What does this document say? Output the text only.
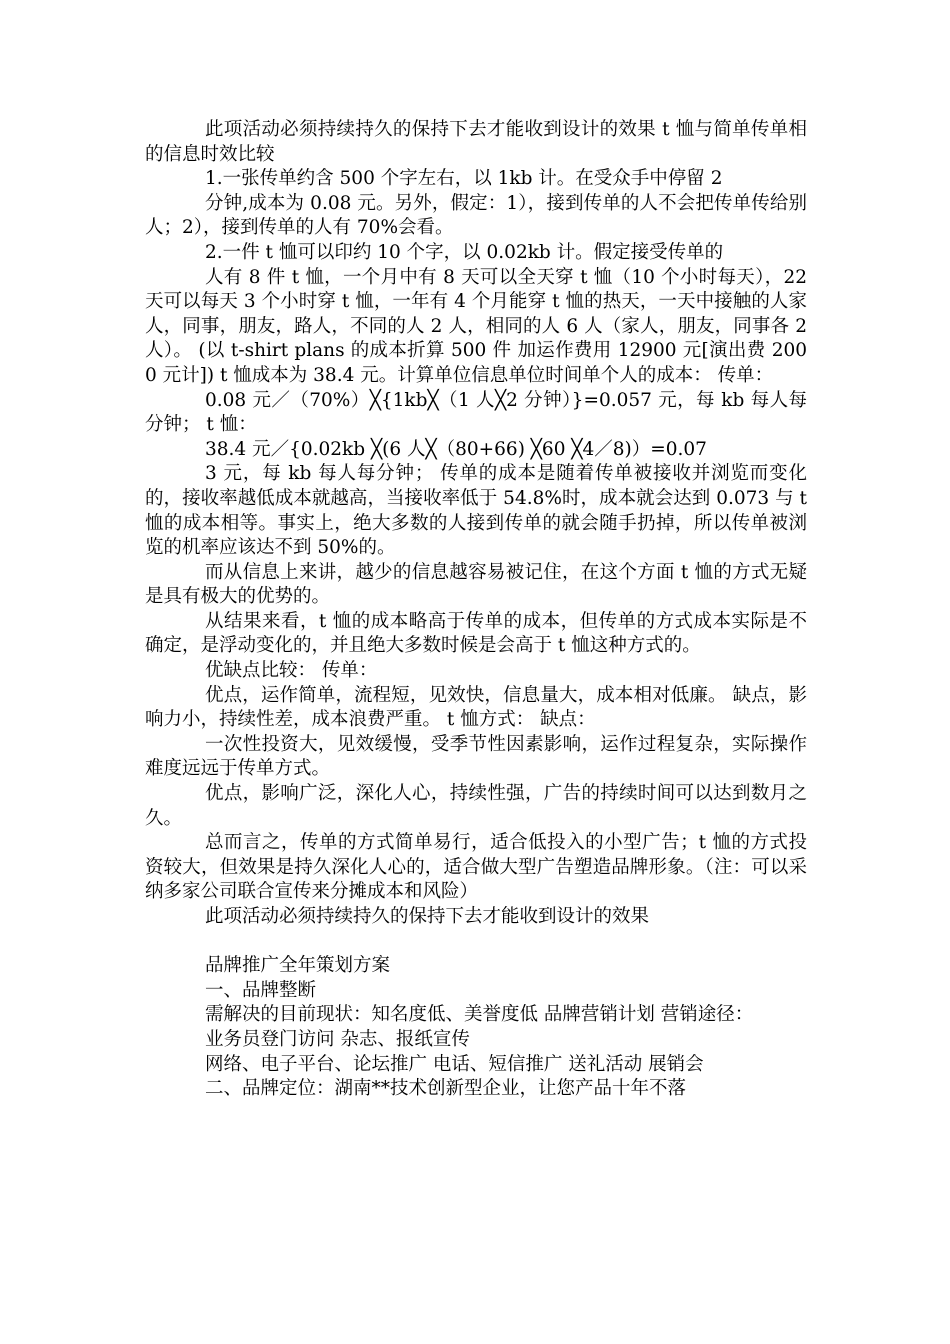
此项活动必须持续持久的保持下去才能收到设计的效果 t 恤与简单传单相的信息时效比较

1.一张传单约含 500 个字左右，以 1kb 计。在受众手中停留 2

分钟,成本为 0.08 元。另外，假定：1），接到传单的人不会把传单传给别人；2），接到传单的人有 70%会看。

2.一件 t 恤可以印约 10 个字，以 0.02kb 计。假定接受传单的

人有 8 件 t 恤，一个月中有 8 天可以全天穿 t 恤（10 个小时每天），22 天可以每天 3 个小时穿 t 恤，一年有 4 个月能穿 t 恤的热天，一天中接触的人家人，同事，朋友，路人，不同的人 2 人，相同的人 6 人（家人，朋友，同事各 2 人）。 (以 t-shirt plans 的成本折算 500 件 加运作费用 12900 元[演出费 2000 元计]) t 恤成本为 38.4 元。计算单位信息单位时间单个人的成本： 传单：

0.08 元／（70%）╳{1kb╳（1 人╳2 分钟）}=0.057 元，每 kb 每人每分钟； t 恤：

38.4 元／{0.02kb ╳(6 人╳（80+66) ╳60 ╳4／8)）=0.07

3 元，每 kb 每人每分钟； 传单的成本是随着传单被接收并浏览而变化的，接收率越低成本就越高，当接收率低于 54.8%时，成本就会达到 0.073 与 t 恤的成本相等。事实上，绝大多数的人接到传单的就会随手扔掉，所以传单被浏览的机率应该达不到 50%的。

而从信息上来讲，越少的信息越容易被记住，在这个方面 t 恤的方式无疑是具有极大的优势的。

从结果来看，t 恤的成本略高于传单的成本，但传单的方式成本实际是不确定，是浮动变化的，并且绝大多数时候是会高于 t 恤这种方式的。

优缺点比较： 传单：

优点，运作简单，流程短，见效快，信息量大，成本相对低廉。 缺点，影响力小，持续性差，成本浪费严重。 t 恤方式： 缺点：

一次性投资大，见效缓慢，受季节性因素影响，运作过程复杂，实际操作难度远远于传单方式。

优点，影响广泛，深化人心，持续性强，广告的持续时间可以达到数月之久。

总而言之，传单的方式简单易行，适合低投入的小型广告；t 恤的方式投资较大，但效果是持久深化人心的，适合做大型广告塑造品牌形象。（注：可以采纳多家公司联合宣传来分摊成本和风险）

此项活动必须持续持久的保持下去才能收到设计的效果

品牌推广全年策划方案

一、品牌整断

需解决的目前现状：知名度低、美誉度低 品牌营销计划 营销途径：

业务员登门访问 杂志、报纸宣传

网络、电子平台、论坛推广 电话、短信推广 送礼活动 展销会

二、品牌定位：湖南**技术创新型企业，让您产品十年不落
